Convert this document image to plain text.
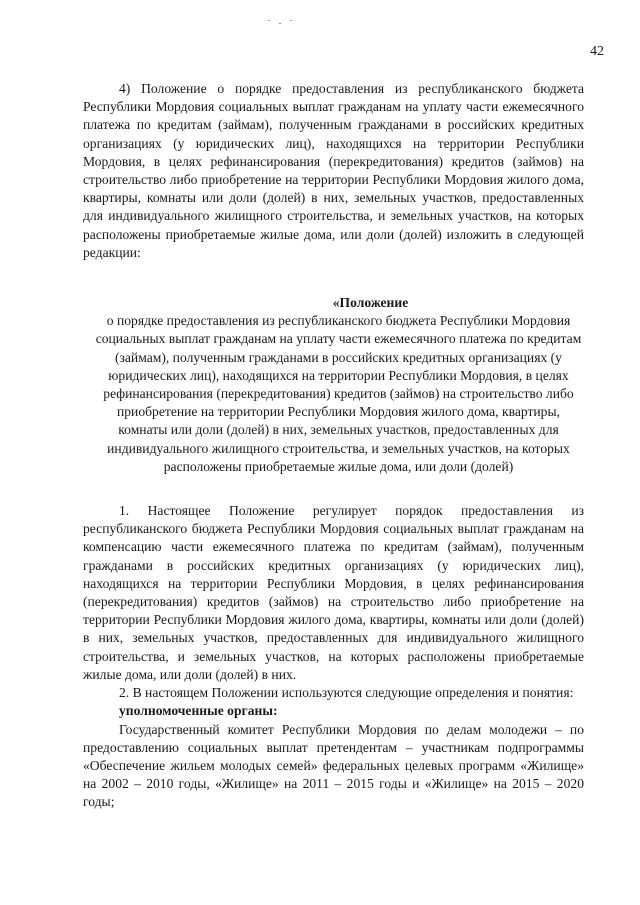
42

4) Положение о порядке предоставления из республиканского бюджета Республики Мордовия социальных выплат гражданам на уплату части ежемесячного платежа по кредитам (займам), полученным гражданами в российских кредитных организациях (у юридических лиц), находящихся на территории Республики Мордовия, в целях рефинансирования (перекредитования) кредитов (займов) на строительство либо приобретение на территории Республики Мордовия жилого дома, квартиры, комнаты или доли (долей) в них, земельных участков, предоставленных для индивидуального жилищного строительства, и земельных участков, на которых расположены приобретаемые жилые дома, или доли (долей) изложить в следующей редакции:

«Положение

о порядке предоставления из республиканского бюджета Республики Мордовия социальных выплат гражданам на уплату части ежемесячного платежа по кредитам (займам), полученным гражданами в российских кредитных организациях (у юридических лиц), находящихся на территории Республики Мордовия, в целях рефинансирования (перекредитования) кредитов (займов) на строительство либо приобретение на территории Республики Мордовия жилого дома, квартиры, комнаты или доли (долей) в них, земельных участков, предоставленных для индивидуального жилищного строительства, и земельных участков, на которых расположены приобретаемые жилые дома, или доли (долей)

1. Настоящее Положение регулирует порядок предоставления из республиканского бюджета Республики Мордовия социальных выплат гражданам на компенсацию части ежемесячного платежа по кредитам (займам), полученным гражданами в российских кредитных организациях (у юридических лиц), находящихся на территории Республики Мордовия, в целях рефинансирования (перекредитования) кредитов (займов) на строительство либо приобретение на территории Республики Мордовия жилого дома, квартиры, комнаты или доли (долей) в них, земельных участков, предоставленных для индивидуального жилищного строительства, и земельных участков, на которых расположены приобретаемые жилые дома, или доли (долей) в них.

2. В настоящем Положении используются следующие определения и понятия:

уполномоченные органы:

Государственный комитет Республики Мордовия по делам молодежи – по предоставлению социальных выплат претендентам – участникам подпрограммы «Обеспечение жильем молодых семей» федеральных целевых программ «Жилище» на 2002 – 2010 годы, «Жилище» на 2011 – 2015 годы и «Жилище» на 2015 – 2020 годы;
